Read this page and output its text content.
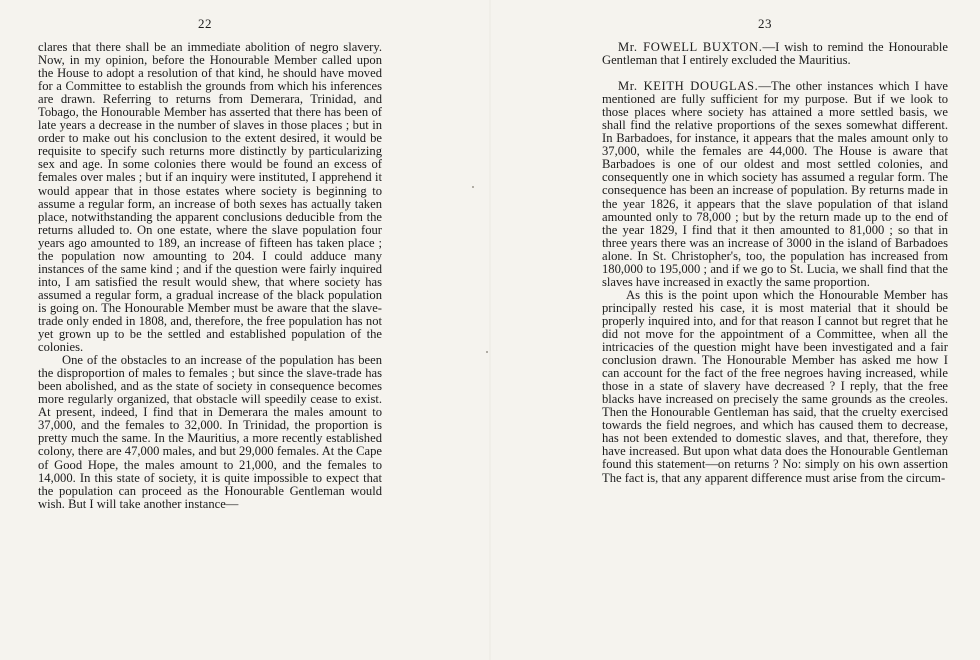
22

clares that there shall be an immediate abolition of negro slavery. Now, in my opinion, before the Honourable Member called upon the House to adopt a resolution of that kind, he should have moved for a Committee to establish the grounds from which his inferences are drawn. Referring to returns from Demerara, Trinidad, and Tobago, the Honourable Member has asserted that there has been of late years a decrease in the number of slaves in those places ; but in order to make out his conclusion to the extent desired, it would be requisite to specify such returns more distinctly by particularizing sex and age. In some colonies there would be found an excess of females over males ; but if an inquiry were instituted, I apprehend it would appear that in those estates where society is beginning to assume a regular form, an increase of both sexes has actually taken place, notwithstanding the apparent conclusions deducible from the returns alluded to. On one estate, where the slave population four years ago amounted to 189, an increase of fifteen has taken place ; the population now amounting to 204. I could adduce many instances of the same kind ; and if the question were fairly inquired into, I am satisfied the result would shew, that where society has assumed a regular form, a gradual increase of the black population is going on. The Honourable Member must be aware that the slave-trade only ended in 1808, and, therefore, the free population has not yet grown up to be the settled and established population of the colonies.

One of the obstacles to an increase of the population has been the disproportion of males to females ; but since the slave-trade has been abolished, and as the state of society in consequence becomes more regularly organized, that obstacle will speedily cease to exist. At present, indeed, I find that in Demerara the males amount to 37,000, and the females to 32,000. In Trinidad, the proportion is pretty much the same. In the Mauritius, a more recently established colony, there are 47,000 males, and but 29,000 females. At the Cape of Good Hope, the males amount to 21,000, and the females to 14,000. In this state of society, it is quite impossible to expect that the population can proceed as the Honourable Gentleman would wish. But I will take another instance—

23

Mr. FOWELL BUXTON.—I wish to remind the Honourable Gentleman that I entirely excluded the Mauritius.

Mr. KEITH DOUGLAS.—The other instances which I have mentioned are fully sufficient for my purpose. But if we look to those places where society has attained a more settled basis, we shall find the relative proportions of the sexes somewhat different. In Barbadoes, for instance, it appears that the males amount only to 37,000, while the females are 44,000. The House is aware that Barbadoes is one of our oldest and most settled colonies, and consequently one in which society has assumed a regular form. The consequence has been an increase of population. By returns made in the year 1826, it appears that the slave population of that island amounted only to 78,000 ; but by the return made up to the end of the year 1829, I find that it then amounted to 81,000 ; so that in three years there was an increase of 3000 in the island of Barbadoes alone. In St. Christopher's, too, the population has increased from 180,000 to 195,000 ; and if we go to St. Lucia, we shall find that the slaves have increased in exactly the same proportion.

As this is the point upon which the Honourable Member has principally rested his case, it is most material that it should be properly inquired into, and for that reason I cannot but regret that he did not move for the appointment of a Committee, when all the intricacies of the question might have been investigated and a fair conclusion drawn. The Honourable Member has asked me how I can account for the fact of the free negroes having increased, while those in a state of slavery have decreased ? I reply, that the free blacks have increased on precisely the same grounds as the creoles. Then the Honourable Gentleman has said, that the cruelty exercised towards the field negroes, and which has caused them to decrease, has not been extended to domestic slaves, and that, therefore, they have increased. But upon what data does the Honourable Gentleman found this statement—on returns ? No: simply on his own assertion The fact is, that any apparent difference must arise from the circum-
